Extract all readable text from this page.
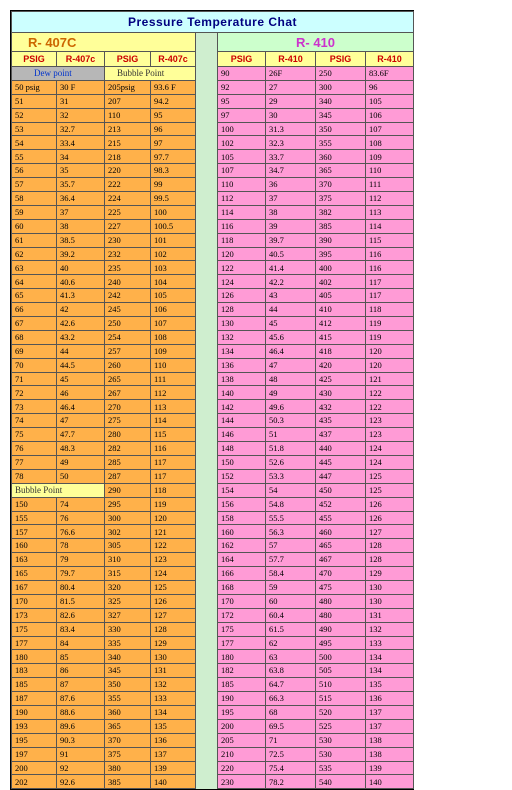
Pressure Temperature Chat								
R- 407C					R- 410			
PSIG	R-407c	PSIG	R-407c		PSIG	R-410	PSIG	R-410
Dew point		Bubble Point			90	26F	250	83.6F
50 psig	30 F	205psig	93.6 F		92	27	300	96
51	31	207	94.2		95	29	340	105
52	32	110	95		97	30	345	106
53	32.7	213	96		100	31.3	350	107
54	33.4	215	97		102	32.3	355	108
55	34	218	97.7		105	33.7	360	109
56	35	220	98.3		107	34.7	365	110
57	35.7	222	99		110	36	370	111
58	36.4	224	99.5		112	37	375	112
59	37	225	100		114	38	382	113
60	38	227	100.5		116	39	385	114
61	38.5	230	101		118	39.7	390	115
62	39.2	232	102		120	40.5	395	116
63	40	235	103		122	41.4	400	116
64	40.6	240	104		124	42.2	402	117
65	41.3	242	105		126	43	405	117
66	42	245	106		128	44	410	118
67	42.6	250	107		130	45	412	119
68	43.2	254	108		132	45.6	415	119
69	44	257	109		134	46.4	418	120
70	44.5	260	110		136	47	420	120
71	45	265	111		138	48	425	121
72	46	267	112		140	49	430	122
73	46.4	270	113		142	49.6	432	122
74	47	275	114		144	50.3	435	123
75	47.7	280	115		146	51	437	123
76	48.3	282	116		148	51.8	440	124
77	49	285	117		150	52.6	445	124
78	50	287	117		152	53.3	447	125
Bubble Point		290	118		154	54	450	125
150	74	295	119		156	54.8	452	126
155	76	300	120		158	55.5	455	126
157	76.6	302	121		160	56.3	460	127
160	78	305	122		162	57	465	128
163	79	310	123		164	57.7	467	128
165	79.7	315	124		166	58.4	470	129
167	80.4	320	125		168	59	475	130
170	81.5	325	126		170	60	480	130
173	82.6	327	127		172	60.4	480	131
175	83.4	330	128		175	61.5	490	132
177	84	335	129		177	62	495	133
180	85	340	130		180	63	500	134
183	86	345	131		182	63.8	505	134
185	87	350	132		185	64.7	510	135
187	87.6	355	133		190	66.3	515	136
190	88.6	360	134		195	68	520	137
193	89.6	365	135		200	69.5	525	137
195	90.3	370	136		205	71	530	138
197	91	375	137		210	72.5	530	138
200	92	380	139		220	75.4	535	139
202	92.6	385	140		230	78.2	540	140
